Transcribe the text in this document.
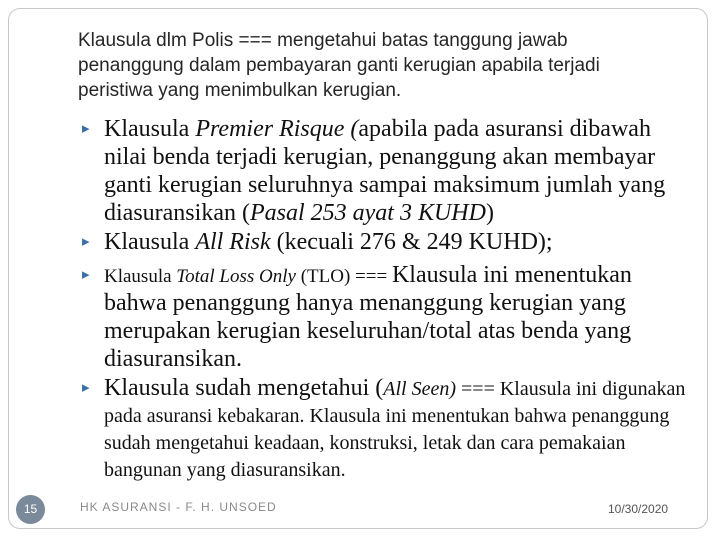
Klausula dlm Polis === mengetahui batas tanggung jawab penanggung dalam pembayaran ganti kerugian apabila terjadi peristiwa yang menimbulkan kerugian.

▸ Klausula Premier Risque (apabila pada asuransi dibawah nilai benda terjadi kerugian, penanggung akan membayar ganti kerugian seluruhnya sampai maksimum jumlah yang diasuransikan (Pasal 253 ayat 3 KUHD)
▸ Klausula All Risk (kecuali 276 & 249 KUHD);
▸ Klausula Total Loss Only (TLO) === Klausula ini menentukan bahwa penanggung hanya menanggung kerugian yang merupakan kerugian keseluruhan/total atas benda yang diasuransikan.
▸ Klausula sudah mengetahui (All Seen) === Klausula ini digunakan pada asuransi kebakaran. Klausula ini menentukan bahwa penanggung sudah mengetahui keadaan, konstruksi, letak dan cara pemakaian bangunan yang diasuransikan.
15	HK ASURANSI - F. H. UNSOED	10/30/2020
